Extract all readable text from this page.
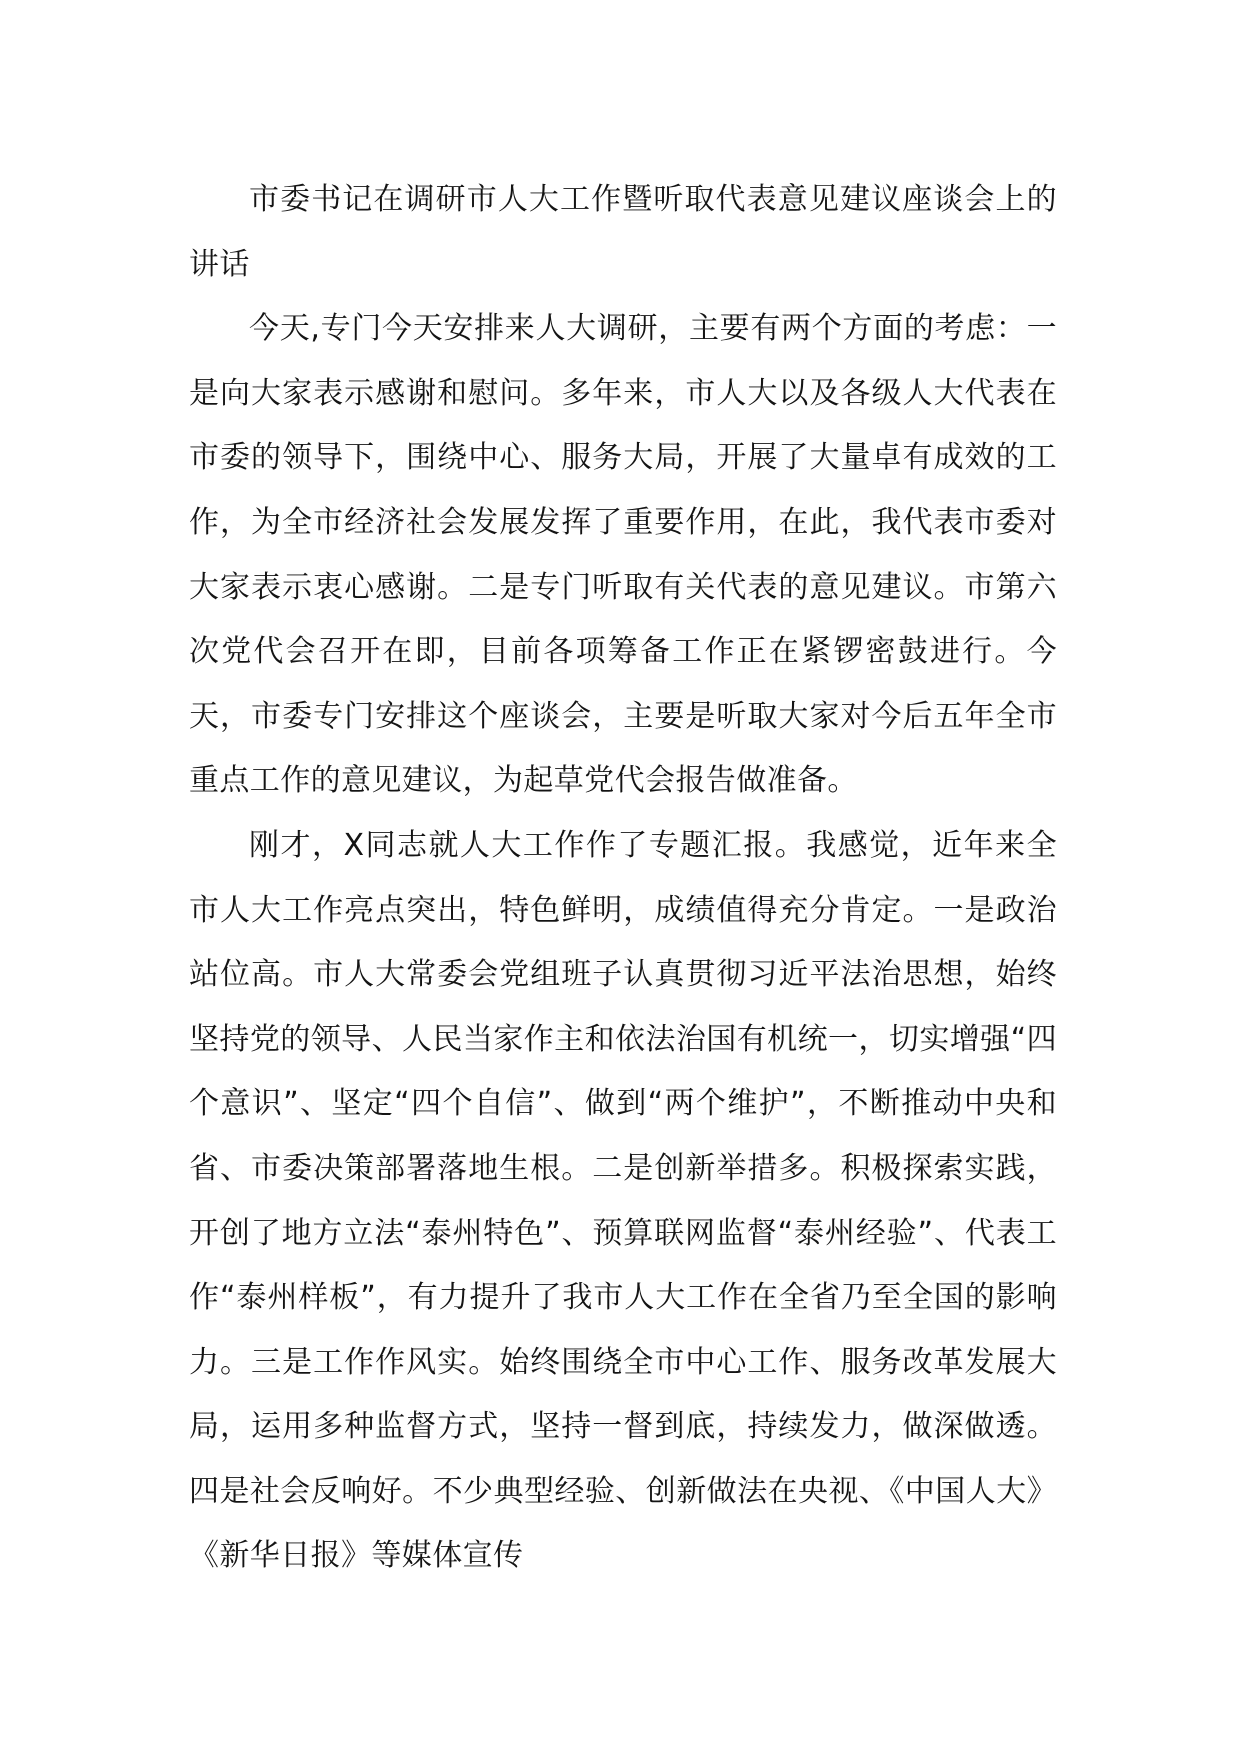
市委书记在调研市人大工作暨听取代表意见建议座谈会上的讲话

今天,专门今天安排来人大调研，主要有两个方面的考虑：一是向大家表示感谢和慰问。多年来，市人大以及各级人大代表在市委的领导下，围绕中心、服务大局，开展了大量卓有成效的工作，为全市经济社会发展发挥了重要作用，在此，我代表市委对大家表示衷心感谢。二是专门听取有关代表的意见建议。市第六次党代会召开在即，目前各项筹备工作正在紧锣密鼓进行。今天，市委专门安排这个座谈会，主要是听取大家对今后五年全市重点工作的意见建议，为起草党代会报告做准备。

刚才，X同志就人大工作作了专题汇报。我感觉，近年来全市人大工作亮点突出，特色鲜明，成绩值得充分肯定。一是政治站位高。市人大常委会党组班子认真贯彻习近平法治思想，始终坚持党的领导、人民当家作主和依法治国有机统一，切实增强“四个意识”、坚定“四个自信”、做到“两个维护”，不断推动中央和省、市委决策部署落地生根。二是创新举措多。积极探索实践，开创了地方立法“泰州特色”、预算联网监督“泰州经验”、代表工作“泰州样板”，有力提升了我市人大工作在全省乃至全国的影响力。三是工作作风实。始终围绕全市中心工作、服务改革发展大局，运用多种监督方式，坚持一督到底，持续发力，做深做透。四是社会反响好。不少典型经验、创新做法在央视、《中国人大》《新华日报》等媒体宣传
